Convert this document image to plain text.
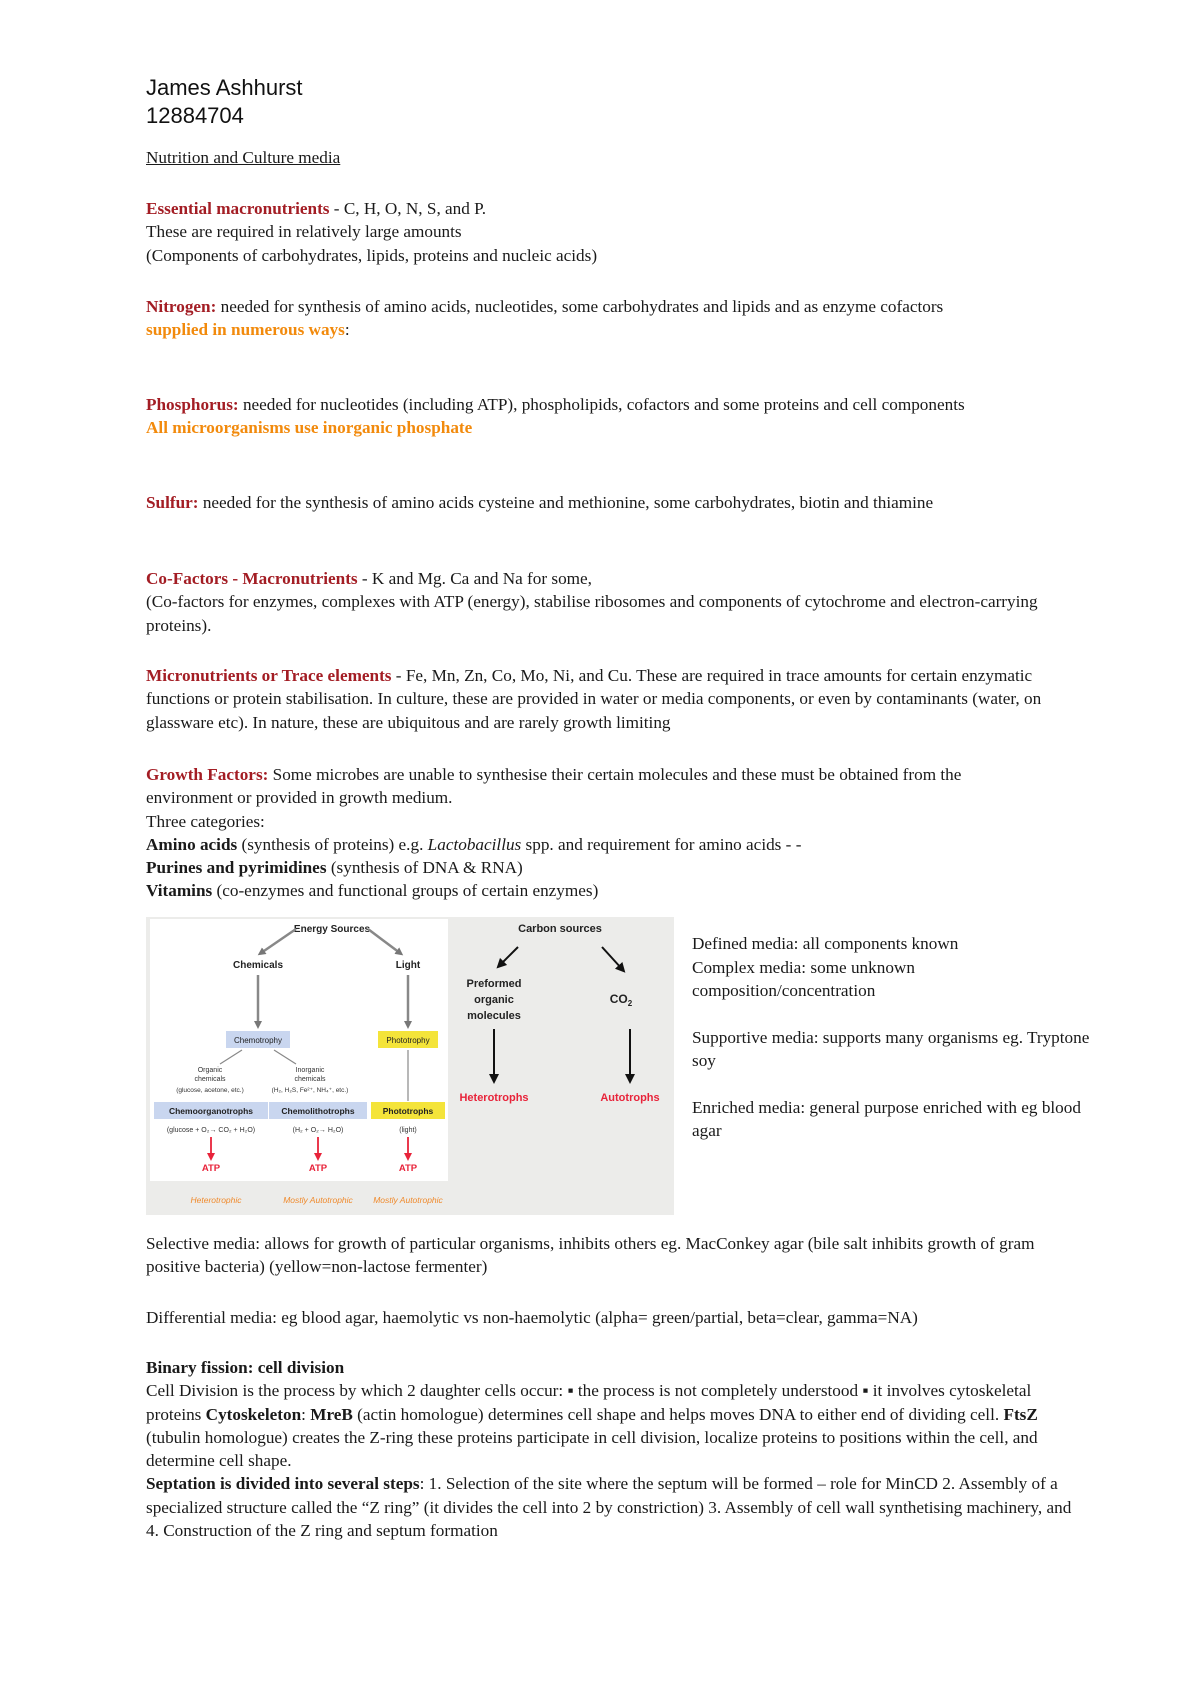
James Ashhurst
12884704
Nutrition and Culture media

Essential macronutrients - C, H, O, N, S, and P.

These are required in relatively large amounts

(Components of carbohydrates, lipids, proteins and nucleic acids)

Nitrogen: needed for synthesis of amino acids, nucleotides, some carbohydrates and lipids and as enzyme cofactors

supplied in numerous ways:

Phosphorus: needed for nucleotides (including ATP), phospholipids, cofactors and some proteins and cell components

All microorganisms use inorganic phosphate

Sulfur: needed for the synthesis of amino acids cysteine and methionine, some carbohydrates, biotin and thiamine

Co-Factors - Macronutrients - K and Mg. Ca and Na for some,

(Co-factors for enzymes, complexes with ATP (energy), stabilise ribosomes and components of cytochrome and electron-carrying proteins).

Micronutrients or Trace elements - Fe, Mn, Zn, Co, Mo, Ni, and Cu. These are required in trace amounts for certain enzymatic functions or protein stabilisation. In culture, these are provided in water or media components, or even by contaminants (water, on glassware etc). In nature, these are ubiquitous and are rarely growth limiting

Growth Factors: Some microbes are unable to synthesise their certain molecules and these must be obtained from the environment or provided in growth medium.

Three categories:

Amino acids (synthesis of proteins) e.g. Lactobacillus spp. and requirement for amino acids - -

Purines and pyrimidines (synthesis of DNA & RNA)

Vitamins (co-enzymes and functional groups of certain enzymes)

Energy Sources
Chemicals	Light
Chemotrophy	Phototrophy
Organic
chemicals
(glucose, acetone, etc.)
Inorganic
chemicals
(H₂, H₂S, Fe²⁺, NH₄⁺, etc.)
Chemoorganotrophs	Chemolithotrophs	Phototrophs
(glucose + O₂→ CO₂ + H₂O)	(H₂ + O₂→ H₂O)	(light)
ATP	ATP	ATP
Heterotrophic	Mostly Autotrophic Mostly Autotrophic
Carbon sources
Preformed
organic
molecules
$CO_2$
Heterotrophs	Autotrophs

Defined media: all components known

Complex media: some unknown composition/concentration

Supportive media: supports many organisms eg. Tryptone soy

Enriched media: general purpose enriched with eg blood agar

Selective media: allows for growth of particular organisms, inhibits others eg. MacConkey agar (bile salt inhibits growth of gram positive bacteria) (yellow=non-lactose fermenter)

Differential media: eg blood agar, haemolytic vs non-haemolytic (alpha= green/partial, beta=clear, gamma=NA)

Binary fission: cell division

Cell Division is the process by which 2 daughter cells occur: ▪ the process is not completely understood ▪ it involves cytoskeletal proteins Cytoskeleton: MreB (actin homologue) determines cell shape and helps moves DNA to either end of dividing cell. FtsZ (tubulin homologue) creates the Z-ring these proteins participate in cell division, localize proteins to positions within the cell, and determine cell shape.

Septation is divided into several steps: 1. Selection of the site where the septum will be formed – role for MinCD 2. Assembly of a specialized structure called the “Z ring” (it divides the cell into 2 by constriction) 3. Assembly of cell wall synthetising machinery, and 4. Construction of the Z ring and septum formation
